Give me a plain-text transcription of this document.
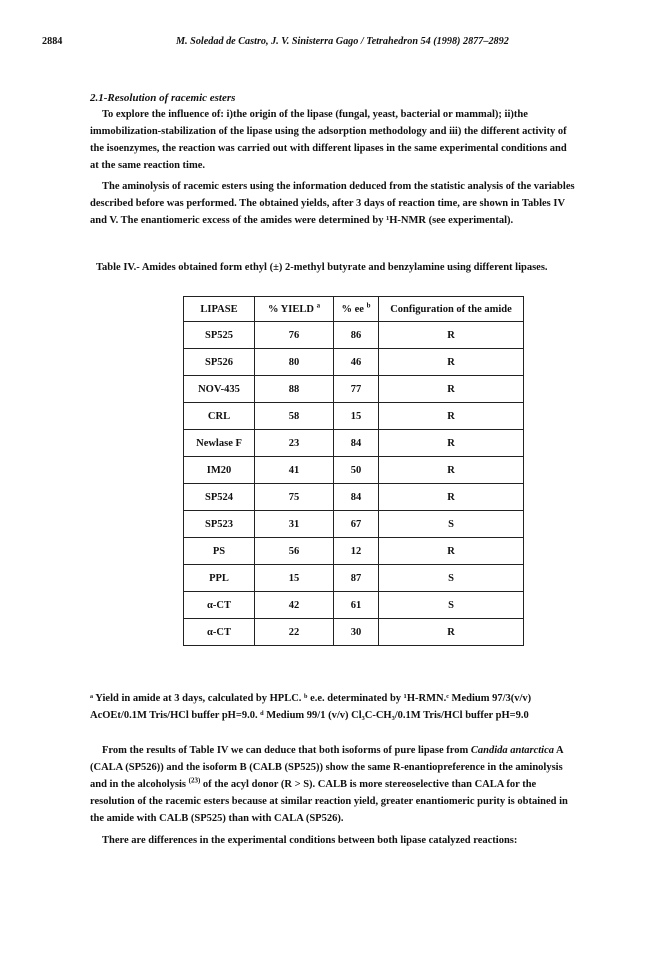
2884	M. Soledad de Castro, J. V. Sinisterra Gago / Tetrahedron 54 (1998) 2877–2892
2.1-Resolution of racemic esters
To explore the influence of: i)the origin of the lipase (fungal, yeast, bacterial or mammal); ii)the
immobilization-stabilization of the lipase using the adsorption methodology and iii) the different activity of
the isoenzymes, the reaction was carried out with different lipases in the same experimental conditions and
at the same reaction time.
The aminolysis of racemic esters using the information deduced from the statistic analysis of the variables
described before was performed. The obtained yields, after 3 days of reaction time, are shown in Tables IV
and V. The enantiomeric excess of the amides were determined by ¹H-NMR (see experimental).
Table IV.- Amides obtained form ethyl (±) 2-methyl butyrate and benzylamine using different lipases.
LIPASE	% YIELD $^a$	% ee $^b$	Configuration of the amide
SP525	76	86	R
SP526	80	46	R
NOV-435	88	77	R
CRL	58	15	R
Newlase F	23	84	R
IM20	41	50	R
SP524	75	84	R
SP523	31	67	S
PS	56	12	R
PPL	15	87	S
α-CT	42	61	S
α-CT	22	30	R
ᵃ Yield in amide at 3 days, calculated by HPLC. ᵇ e.e. determinated by ¹H-RMN.ᶜ Medium 97/3(v/v)
AcOEt/0.1M Tris/HCl buffer pH=9.0. ᵈ Medium 99/1 (v/v) Cl₃C-CH₃/0.1M Tris/HCl buffer pH=9.0
From the results of Table IV we can deduce that both isoforms of pure lipase from Candida antarctica A
(CALA (SP526)) and the isoform B (CALB (SP525)) show the same R-enantiopreference in the aminolysis
and in the alcoholysis $^{(23)}$ of the acyl donor (R > S). CALB is more stereoselective than CALA for the
resolution of the racemic esters because at similar reaction yield, greater enantiomeric purity is obtained in
the amide with CALB (SP525) than with CALA (SP526).
There are differences in the experimental conditions between both lipase catalyzed reactions:
